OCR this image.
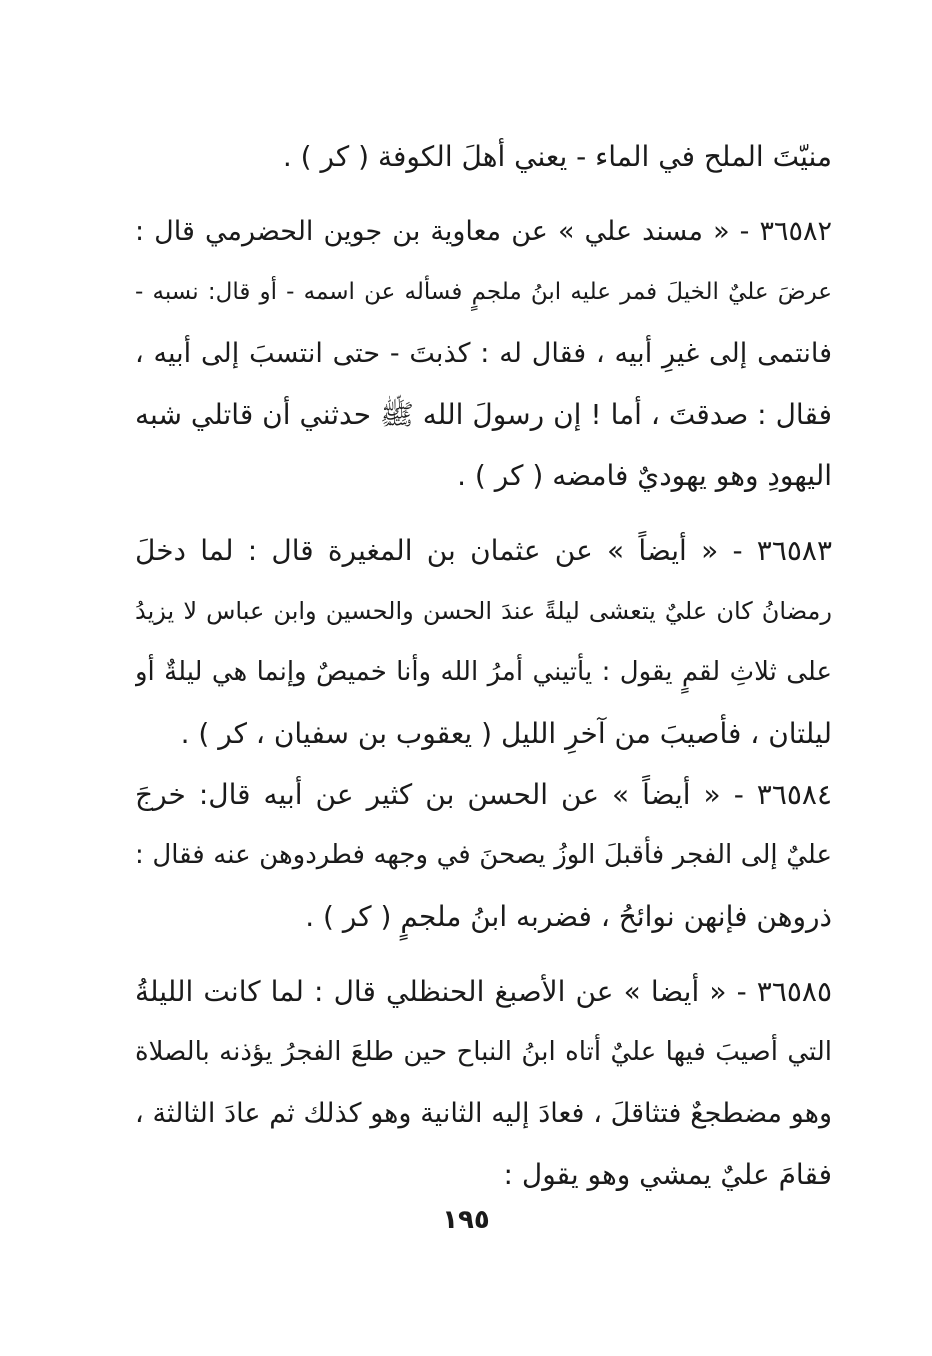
منيّتَ الملح في الماء - يعني أهلَ الكوفة ( كر ) .
٣٦٥٨٢ - « مسند علي » عن معاوية بن جوين الحضرمي قال :
عرضَ عليٌ الخيلَ فمر عليه ابنُ ملجمٍ فسأله عن اسمه - أو قال: نسبه -
فانتمى إلى غيرِ أبيه ، فقال له : كذبتَ - حتى انتسبَ إلى أبيه ،
فقال : صدقتَ ، أما ! إن رسولَ الله ﷺ حدثني أن قاتلي شبه
اليهودِ وهو يهوديٌ فامضه ( كر ) .
٣٦٥٨٣ - « أيضاً » عن عثمان بن المغيرة قال : لما دخلَ
رمضانُ كان عليٌ يتعشى ليلةً عندَ الحسن والحسين وابن عباس لا يزيدُ
على ثلاثِ لقمٍ يقول : يأتيني أمرُ الله وأنا خميصٌ وإنما هي ليلةٌ أو
ليلتان ، فأصيبَ من آخرِ الليل ( يعقوب بن سفيان ، كر ) .
٣٦٥٨٤ - « أيضاً » عن الحسن بن كثير عن أبيه قال: خرجَ
عليٌ إلى الفجر فأقبلَ الوزُ يصحنَ في وجهه فطردوهن عنه فقال :
ذروهن فإنهن نوائحُ ، فضربه ابنُ ملجمٍ ( كر ) .
٣٦٥٨٥ - « أيضا » عن الأصبغ الحنظلي قال : لما كانت الليلةُ
التي أصيبَ فيها عليٌ أتاه ابنُ النباح حين طلعَ الفجرُ يؤذنه بالصلاة
وهو مضطجعٌ فتثاقلَ ، فعادَ إليه الثانية وهو كذلك ثم عادَ الثالثة ،
فقامَ عليٌ يمشي وهو يقول :
١٩٥
